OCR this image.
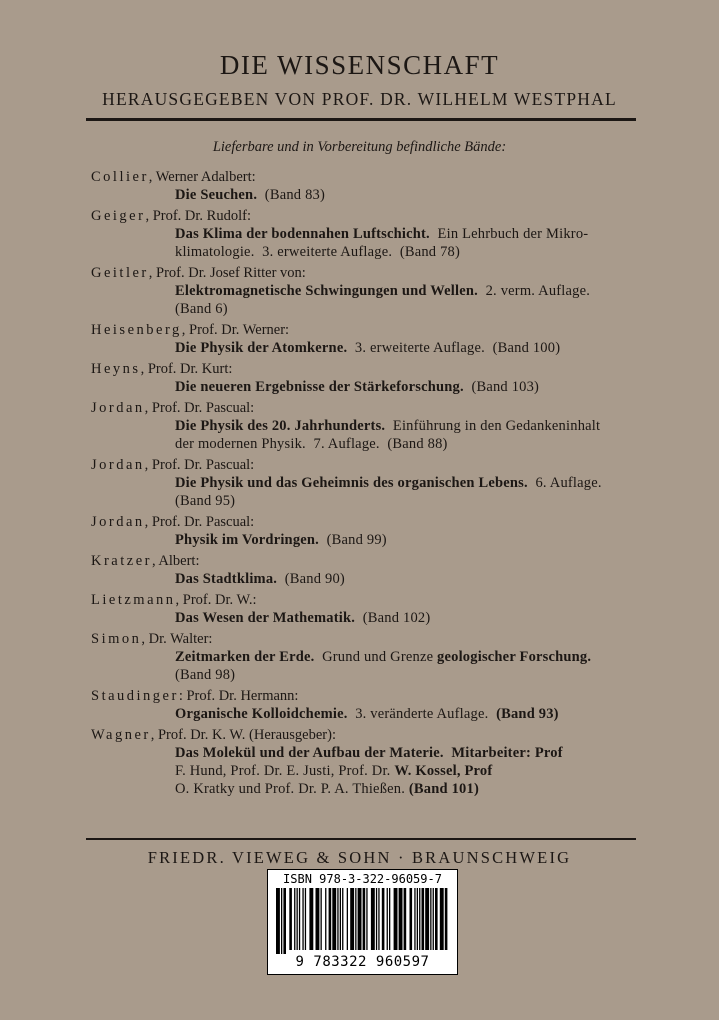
DIE WISSENSCHAFT
HERAUSGEGEBEN VON PROF. DR. WILHELM WESTPHAL
Lieferbare und in Vorbereitung befindliche Bände:
Collier, Werner Adalbert:
Die Seuchen.  (Band 83)
Geiger, Prof. Dr. Rudolf:
Das Klima der bodennahen Luftschicht.  Ein Lehrbuch der Mikro-
klimatologie.  3. erweiterte Auflage.  (Band 78)
Geitler, Prof. Dr. Josef Ritter von:
Elektromagnetische Schwingungen und Wellen.  2. verm. Auflage.
(Band 6)
Heisenberg, Prof. Dr. Werner:
Die Physik der Atomkerne.  3. erweiterte Auflage.  (Band 100)
Heyns, Prof. Dr. Kurt:
Die neueren Ergebnisse der Stärkeforschung.  (Band 103)
Jordan, Prof. Dr. Pascual:
Die Physik des 20. Jahrhunderts.  Einführung in den Gedankeninhalt
der modernen Physik.  7. Auflage.  (Band 88)
Jordan, Prof. Dr. Pascual:
Die Physik und das Geheimnis des organischen Lebens.  6. Auflage.
(Band 95)
Jordan, Prof. Dr. Pascual:
Physik im Vordringen.  (Band 99)
Kratzer, Albert:
Das Stadtklima.  (Band 90)
Lietzmann, Prof. Dr. W.:
Das Wesen der Mathematik.  (Band 102)
Simon, Dr. Walter:
Zeitmarken der Erde.  Grund und Grenze geologischer Forschung.
(Band 98)
Staudinger: Prof. Dr. Hermann:
Organische Kolloidchemie.  3. veränderte Auflage.  (Band 93)
Wagner, Prof. Dr. K. W. (Herausgeber):
Das Molekül und der Aufbau der Materie.  Mitarbeiter: Prof
F. Hund, Prof. Dr. E. Justi, Prof. Dr. W. Kossel, Prof
O. Kratky und Prof. Dr. P. A. Thießen. (Band 101)
FRIEDR. VIEWEG & SOHN · BRAUNSCHWEIG
ISBN 978-3-322-96059-7
9 783322 960597
